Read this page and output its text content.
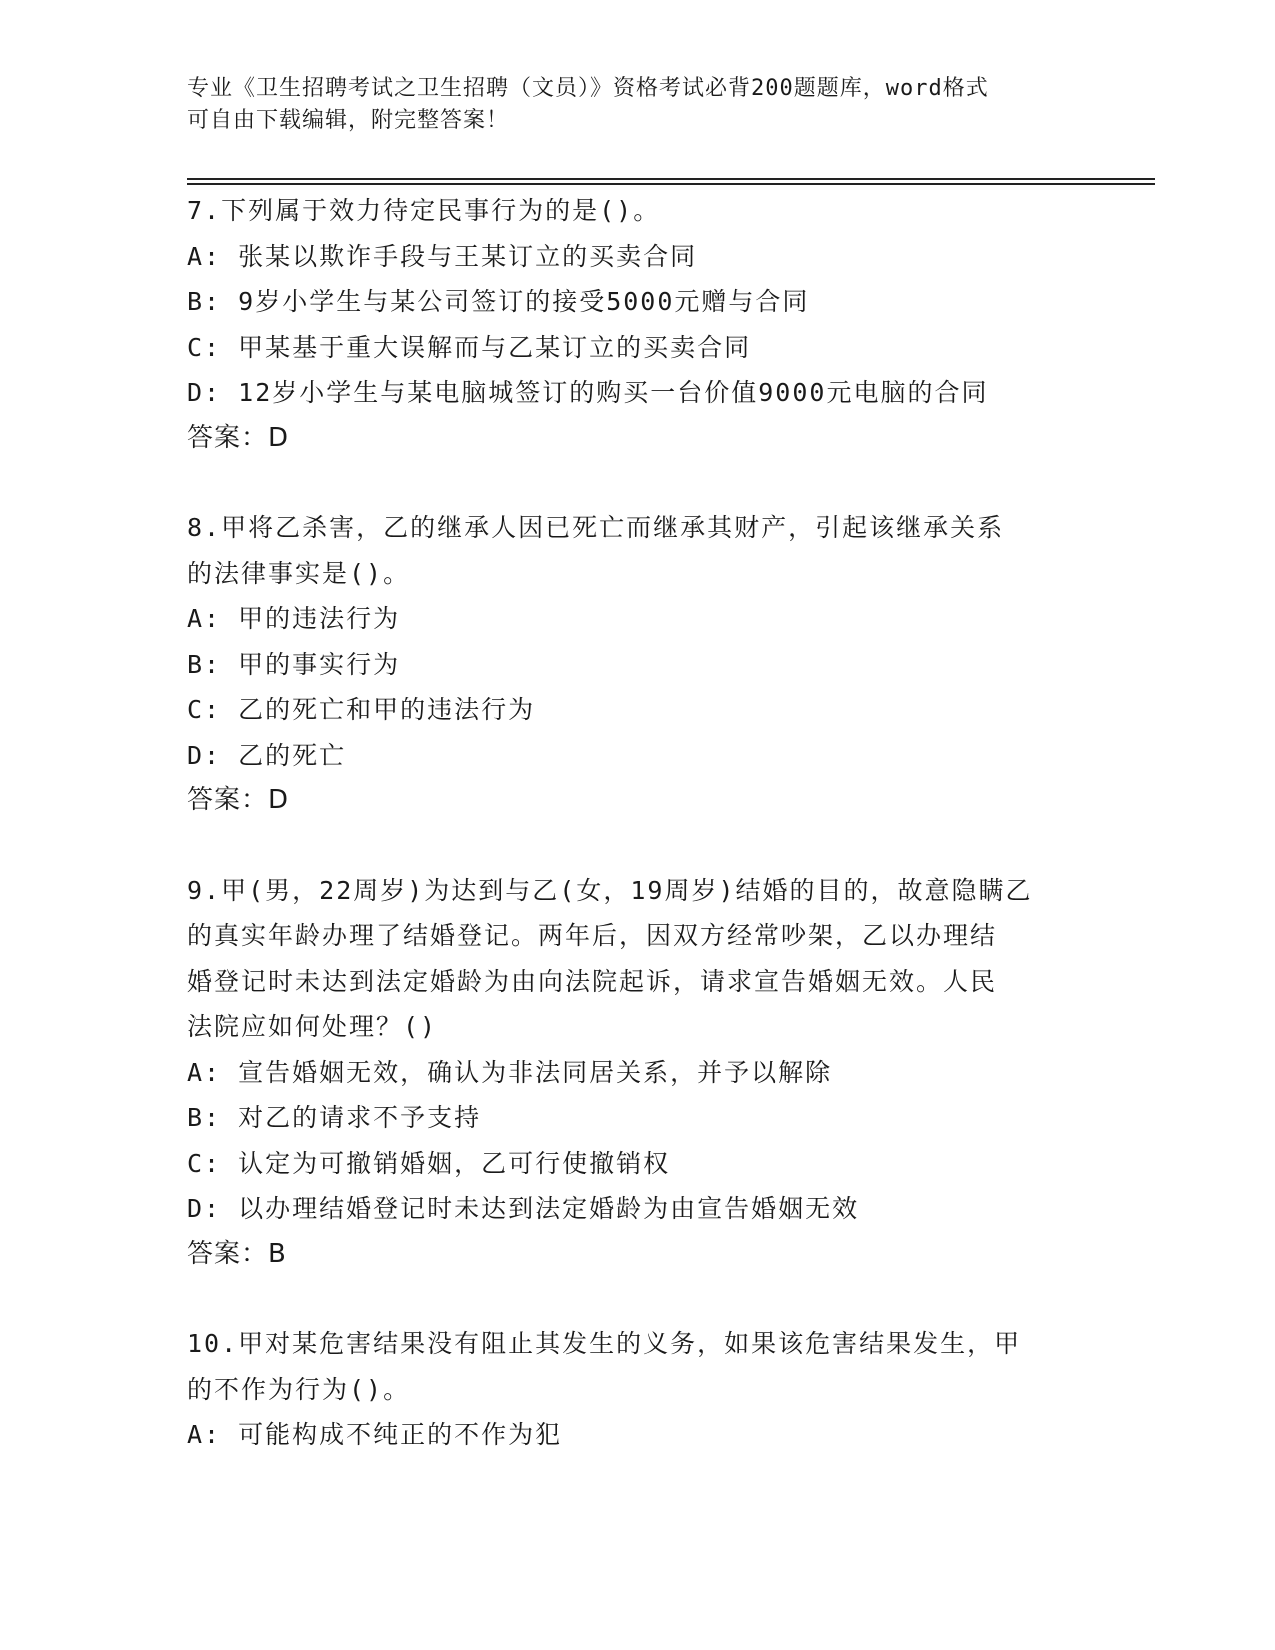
专业《卫生招聘考试之卫生招聘（文员）》资格考试必背200题题库，word格式
可自由下载编辑，附完整答案！
7.下列属于效力待定民事行为的是()。
A: 张某以欺诈手段与王某订立的买卖合同
B: 9岁小学生与某公司签订的接受5000元赠与合同
C: 甲某基于重大误解而与乙某订立的买卖合同
D: 12岁小学生与某电脑城签订的购买一台价值9000元电脑的合同
答案：D
8.甲将乙杀害，乙的继承人因已死亡而继承其财产，引起该继承关系
的法律事实是()。
A: 甲的违法行为
B: 甲的事实行为
C: 乙的死亡和甲的违法行为
D: 乙的死亡
答案：D
9.甲(男，22周岁)为达到与乙(女，19周岁)结婚的目的，故意隐瞒乙
的真实年龄办理了结婚登记。两年后，因双方经常吵架，乙以办理结
婚登记时未达到法定婚龄为由向法院起诉，请求宣告婚姻无效。人民
法院应如何处理？()
A: 宣告婚姻无效，确认为非法同居关系，并予以解除
B: 对乙的请求不予支持
C: 认定为可撤销婚姻，乙可行使撤销权
D: 以办理结婚登记时未达到法定婚龄为由宣告婚姻无效
答案：B
10.甲对某危害结果没有阻止其发生的义务，如果该危害结果发生，甲
的不作为行为()。
A: 可能构成不纯正的不作为犯
